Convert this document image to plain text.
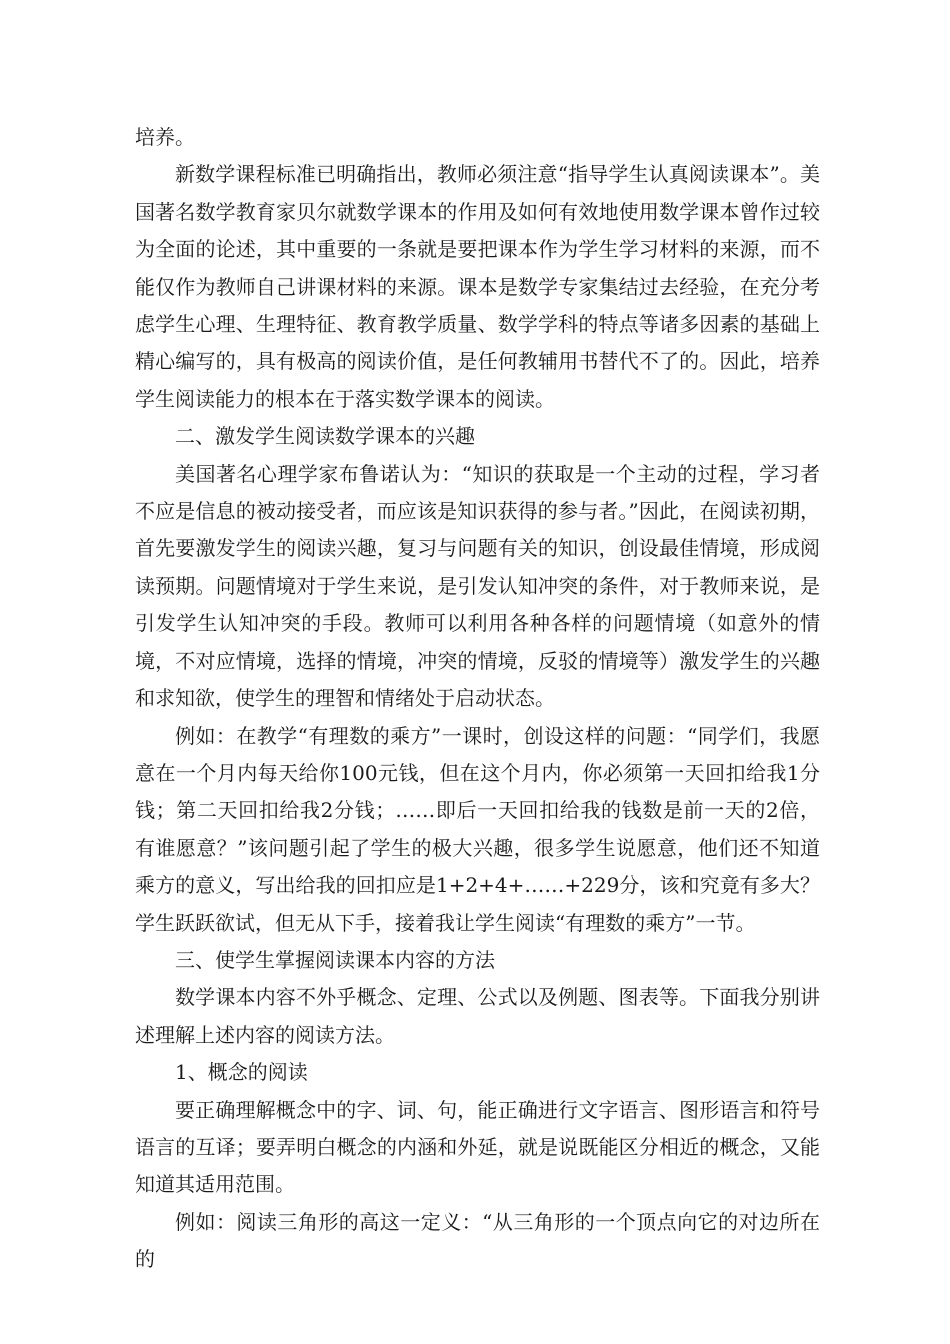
培养。

新数学课程标准已明确指出，教师必须注意“指导学生认真阅读课本”。美国著名数学教育家贝尔就数学课本的作用及如何有效地使用数学课本曾作过较为全面的论述，其中重要的一条就是要把课本作为学生学习材料的来源，而不能仅作为教师自己讲课材料的来源。课本是数学专家集结过去经验，在充分考虑学生心理、生理特征、教育教学质量、数学学科的特点等诸多因素的基础上精心编写的，具有极高的阅读价值，是任何教辅用书替代不了的。因此，培养学生阅读能力的根本在于落实数学课本的阅读。

二、激发学生阅读数学课本的兴趣

美国著名心理学家布鲁诺认为：“知识的获取是一个主动的过程，学习者不应是信息的被动接受者，而应该是知识获得的参与者。”因此，在阅读初期，首先要激发学生的阅读兴趣，复习与问题有关的知识，创设最佳情境，形成阅读预期。问题情境对于学生来说，是引发认知冲突的条件，对于教师来说，是引发学生认知冲突的手段。教师可以利用各种各样的问题情境（如意外的情境，不对应情境，选择的情境，冲突的情境，反驳的情境等）激发学生的兴趣和求知欲，使学生的理智和情绪处于启动状态。

例如：在教学“有理数的乘方”一课时，创设这样的问题：“同学们，我愿意在一个月内每天给你100元钱，但在这个月内，你必须第一天回扣给我1分钱；第二天回扣给我2分钱；……即后一天回扣给我的钱数是前一天的2倍，有谁愿意？”该问题引起了学生的极大兴趣，很多学生说愿意，他们还不知道乘方的意义，写出给我的回扣应是1+2+4+……+229分，该和究竟有多大？学生跃跃欲试，但无从下手，接着我让学生阅读“有理数的乘方”一节。

三、使学生掌握阅读课本内容的方法

数学课本内容不外乎概念、定理、公式以及例题、图表等。下面我分别讲述理解上述内容的阅读方法。

1、概念的阅读

要正确理解概念中的字、词、句，能正确进行文字语言、图形语言和符号语言的互译；要弄明白概念的内涵和外延，就是说既能区分相近的概念，又能知道其适用范围。

例如：阅读三角形的高这一定义：“从三角形的一个顶点向它的对边所在的
